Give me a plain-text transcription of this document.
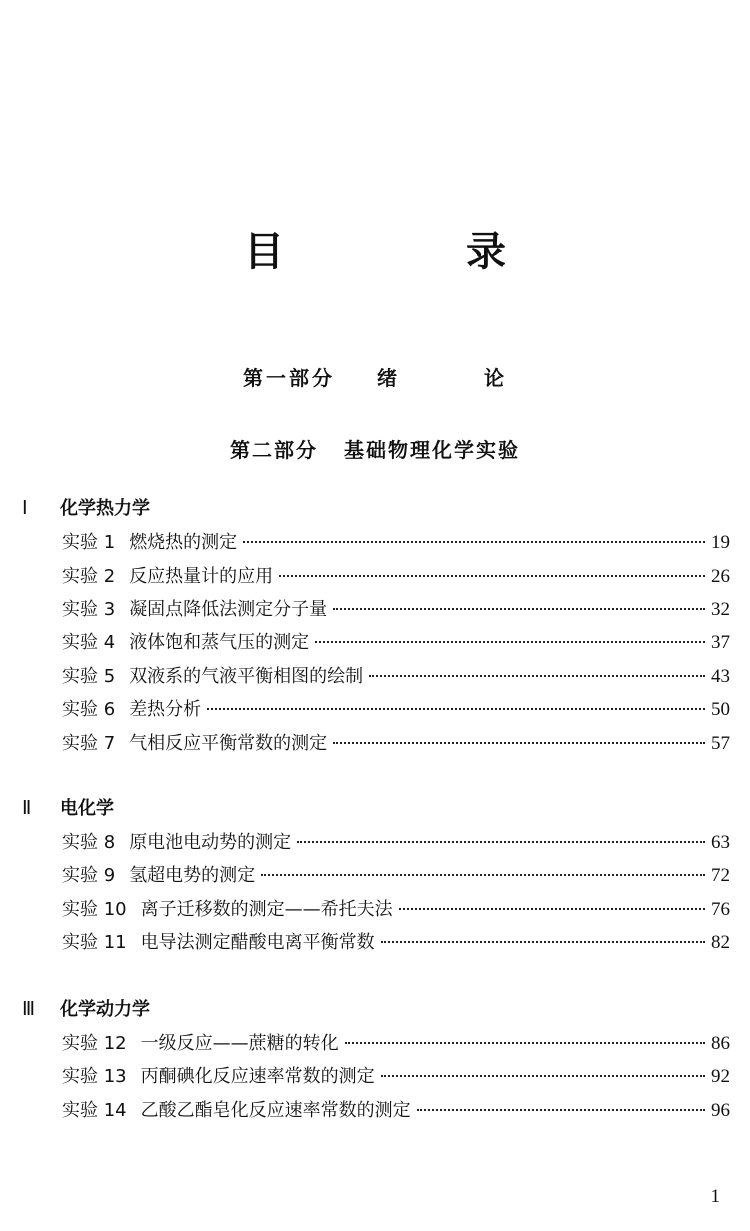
目 录
第一部分 绪	论
第二部分 基础物理化学实验
Ⅰ 化学热力学
实验 1 燃烧热的测定	19
实验 2 反应热量计的应用	26
实验 3 凝固点降低法测定分子量	32
实验 4 液体饱和蒸气压的测定	37
实验 5 双液系的气液平衡相图的绘制	43
实验 6 差热分析	50
实验 7 气相反应平衡常数的测定	57
Ⅱ 电化学
实验 8 原电池电动势的测定	63
实验 9 氢超电势的测定	72
实验 10 离子迁移数的测定——希托夫法	76
实验 11 电导法测定醋酸电离平衡常数	82
Ⅲ 化学动力学
实验 12 一级反应——蔗糖的转化	86
实验 13 丙酮碘化反应速率常数的测定	92
实验 14 乙酸乙酯皂化反应速率常数的测定	96
1
